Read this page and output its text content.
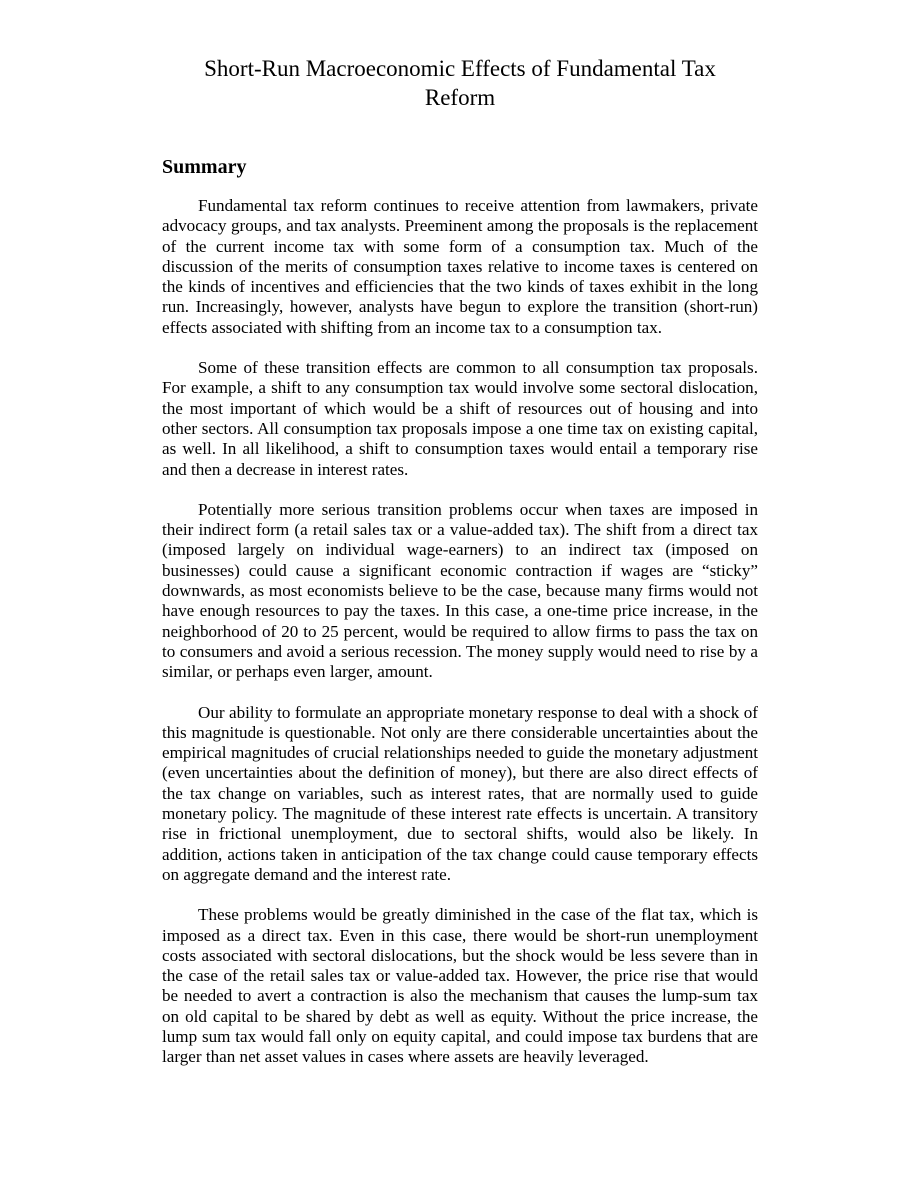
Short-Run Macroeconomic Effects of Fundamental Tax Reform
Summary

Fundamental tax reform continues to receive attention from lawmakers, private advocacy groups, and tax analysts. Preeminent among the proposals is the replacement of the current income tax with some form of a consumption tax. Much of the discussion of the merits of consumption taxes relative to income taxes is centered on the kinds of incentives and efficiencies that the two kinds of taxes exhibit in the long run. Increasingly, however, analysts have begun to explore the transition (short-run) effects associated with shifting from an income tax to a consumption tax.

Some of these transition effects are common to all consumption tax proposals. For example, a shift to any consumption tax would involve some sectoral dislocation, the most important of which would be a shift of resources out of housing and into other sectors. All consumption tax proposals impose a one time tax on existing capital, as well. In all likelihood, a shift to consumption taxes would entail a temporary rise and then a decrease in interest rates.

Potentially more serious transition problems occur when taxes are imposed in their indirect form (a retail sales tax or a value-added tax). The shift from a direct tax (imposed largely on individual wage-earners) to an indirect tax (imposed on businesses) could cause a significant economic contraction if wages are “sticky” downwards, as most economists believe to be the case, because many firms would not have enough resources to pay the taxes. In this case, a one-time price increase, in the neighborhood of 20 to 25 percent, would be required to allow firms to pass the tax on to consumers and avoid a serious recession. The money supply would need to rise by a similar, or perhaps even larger, amount.

Our ability to formulate an appropriate monetary response to deal with a shock of this magnitude is questionable. Not only are there considerable uncertainties about the empirical magnitudes of crucial relationships needed to guide the monetary adjustment (even uncertainties about the definition of money), but there are also direct effects of the tax change on variables, such as interest rates, that are normally used to guide monetary policy. The magnitude of these interest rate effects is uncertain. A transitory rise in frictional unemployment, due to sectoral shifts, would also be likely. In addition, actions taken in anticipation of the tax change could cause temporary effects on aggregate demand and the interest rate.

These problems would be greatly diminished in the case of the flat tax, which is imposed as a direct tax. Even in this case, there would be short-run unemployment costs associated with sectoral dislocations, but the shock would be less severe than in the case of the retail sales tax or value-added tax. However, the price rise that would be needed to avert a contraction is also the mechanism that causes the lump-sum tax on old capital to be shared by debt as well as equity. Without the price increase, the lump sum tax would fall only on equity capital, and could impose tax burdens that are larger than net asset values in cases where assets are heavily leveraged.
